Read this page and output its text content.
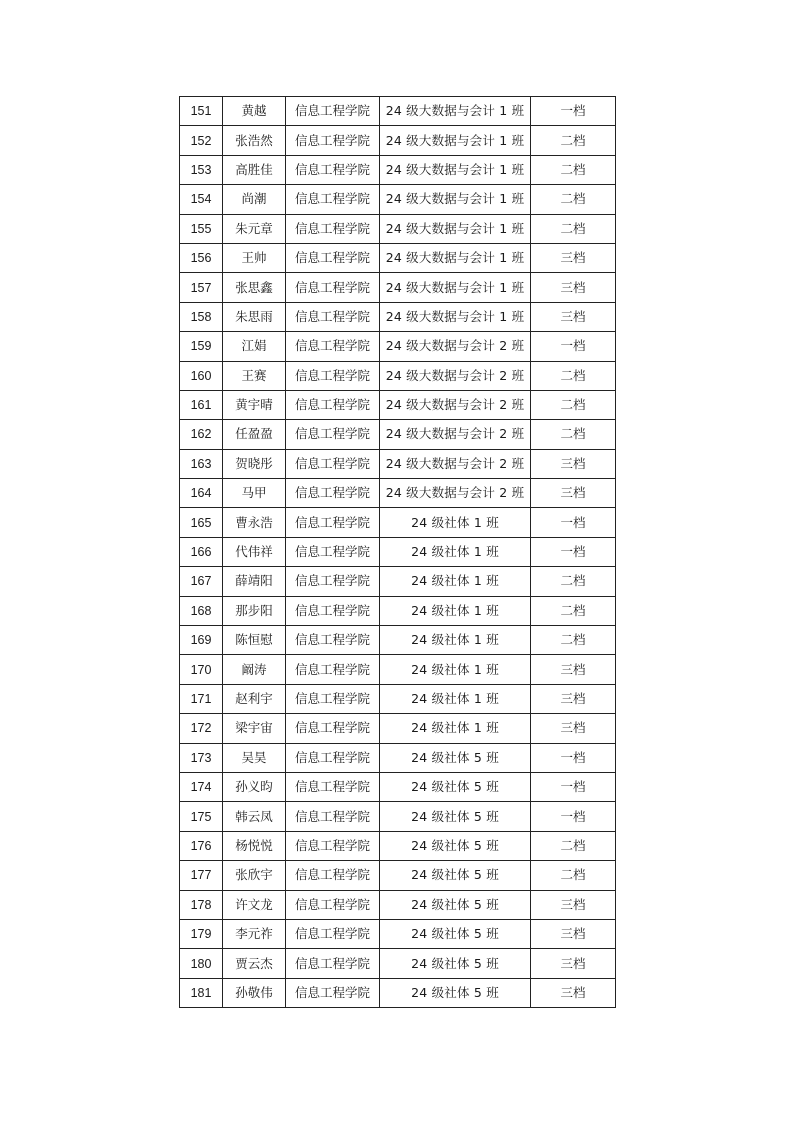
151	黄越	信息工程学院	24 级大数据与会计 1 班	一档
152	张浩然	信息工程学院	24 级大数据与会计 1 班	二档
153	高胜佳	信息工程学院	24 级大数据与会计 1 班	二档
154	尚潮	信息工程学院	24 级大数据与会计 1 班	二档
155	朱元章	信息工程学院	24 级大数据与会计 1 班	二档
156	王帅	信息工程学院	24 级大数据与会计 1 班	三档
157	张思鑫	信息工程学院	24 级大数据与会计 1 班	三档
158	朱思雨	信息工程学院	24 级大数据与会计 1 班	三档
159	江娟	信息工程学院	24 级大数据与会计 2 班	一档
160	王赛	信息工程学院	24 级大数据与会计 2 班	二档
161	黄宇晴	信息工程学院	24 级大数据与会计 2 班	二档
162	任盈盈	信息工程学院	24 级大数据与会计 2 班	二档
163	贺晓彤	信息工程学院	24 级大数据与会计 2 班	三档
164	马甲	信息工程学院	24 级大数据与会计 2 班	三档
165	曹永浩	信息工程学院	24 级社体 1 班	一档
166	代伟祥	信息工程学院	24 级社体 1 班	一档
167	薛靖阳	信息工程学院	24 级社体 1 班	二档
168	那步阳	信息工程学院	24 级社体 1 班	二档
169	陈恒慰	信息工程学院	24 级社体 1 班	二档
170	阚涛	信息工程学院	24 级社体 1 班	三档
171	赵利宇	信息工程学院	24 级社体 1 班	三档
172	梁宇宙	信息工程学院	24 级社体 1 班	三档
173	吴昊	信息工程学院	24 级社体 5 班	一档
174	孙义昀	信息工程学院	24 级社体 5 班	一档
175	韩云凤	信息工程学院	24 级社体 5 班	一档
176	杨悦悦	信息工程学院	24 级社体 5 班	二档
177	张欣宇	信息工程学院	24 级社体 5 班	二档
178	许文龙	信息工程学院	24 级社体 5 班	三档
179	李元祚	信息工程学院	24 级社体 5 班	三档
180	贾云杰	信息工程学院	24 级社体 5 班	三档
181	孙敬伟	信息工程学院	24 级社体 5 班	三档
